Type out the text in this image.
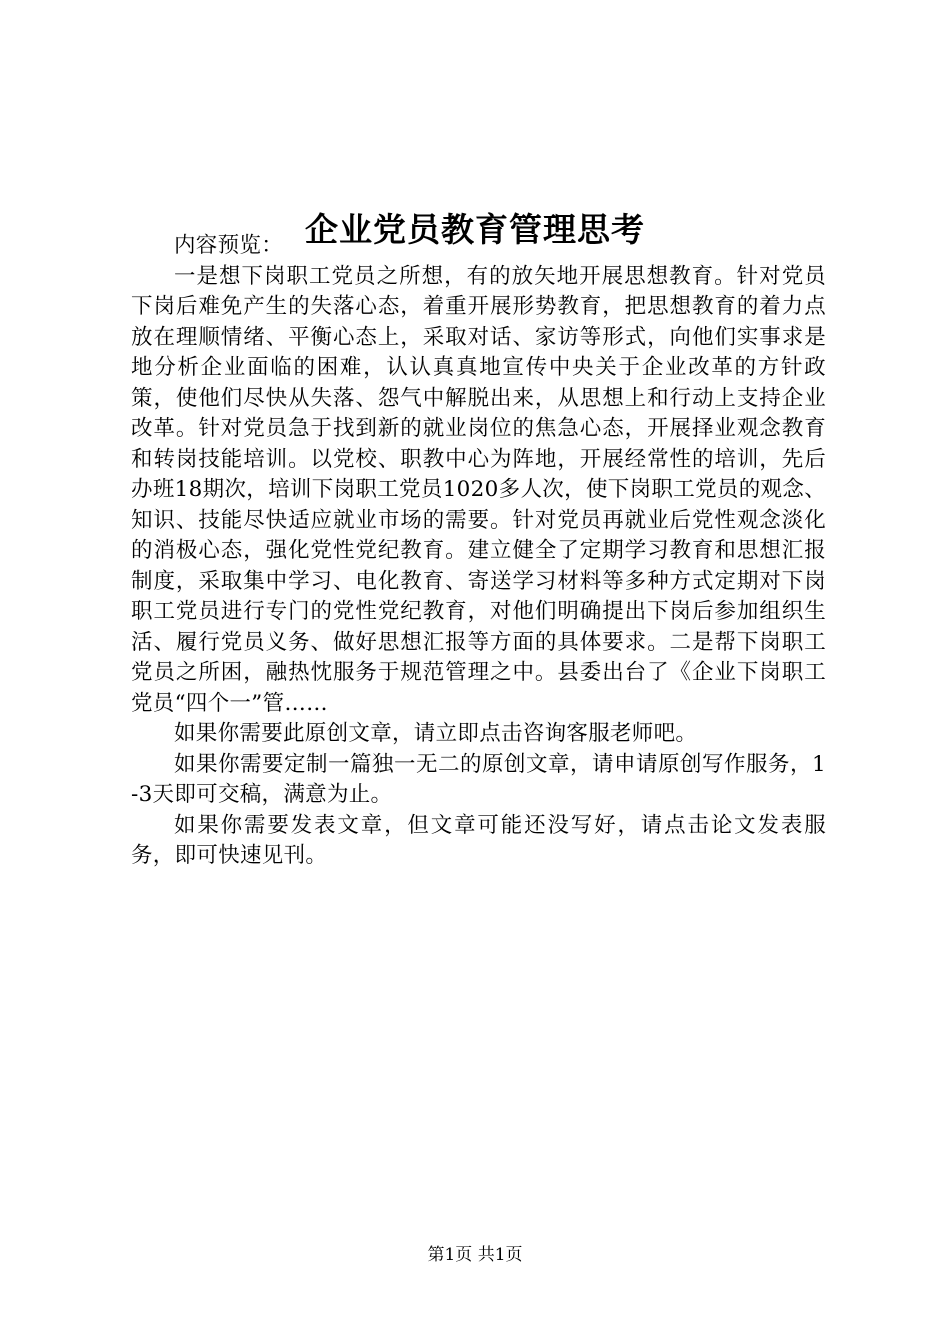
企业党员教育管理思考

内容预览：

一是想下岗职工党员之所想，有的放矢地开展思想教育。针对党员下岗后难免产生的失落心态，着重开展形势教育，把思想教育的着力点放在理顺情绪、平衡心态上，采取对话、家访等形式，向他们实事求是地分析企业面临的困难，认认真真地宣传中央关于企业改革的方针政策，使他们尽快从失落、怨气中解脱出来，从思想上和行动上支持企业改革。针对党员急于找到新的就业岗位的焦急心态，开展择业观念教育和转岗技能培训。以党校、职教中心为阵地，开展经常性的培训，先后办班18期次，培训下岗职工党员1020多人次，使下岗职工党员的观念、知识、技能尽快适应就业市场的需要。针对党员再就业后党性观念淡化的消极心态，强化党性党纪教育。建立健全了定期学习教育和思想汇报制度，采取集中学习、电化教育、寄送学习材料等多种方式定期对下岗职工党员进行专门的党性党纪教育，对他们明确提出下岗后参加组织生活、履行党员义务、做好思想汇报等方面的具体要求。二是帮下岗职工党员之所困，融热忱服务于规范管理之中。县委出台了《企业下岗职工党员“四个一”管……

如果你需要此原创文章，请立即点击咨询客服老师吧。

如果你需要定制一篇独一无二的原创文章，请申请原创写作服务，1-3天即可交稿，满意为止。

如果你需要发表文章，但文章可能还没写好，请点击论文发表服务，即可快速见刊。

第1页 共1页
